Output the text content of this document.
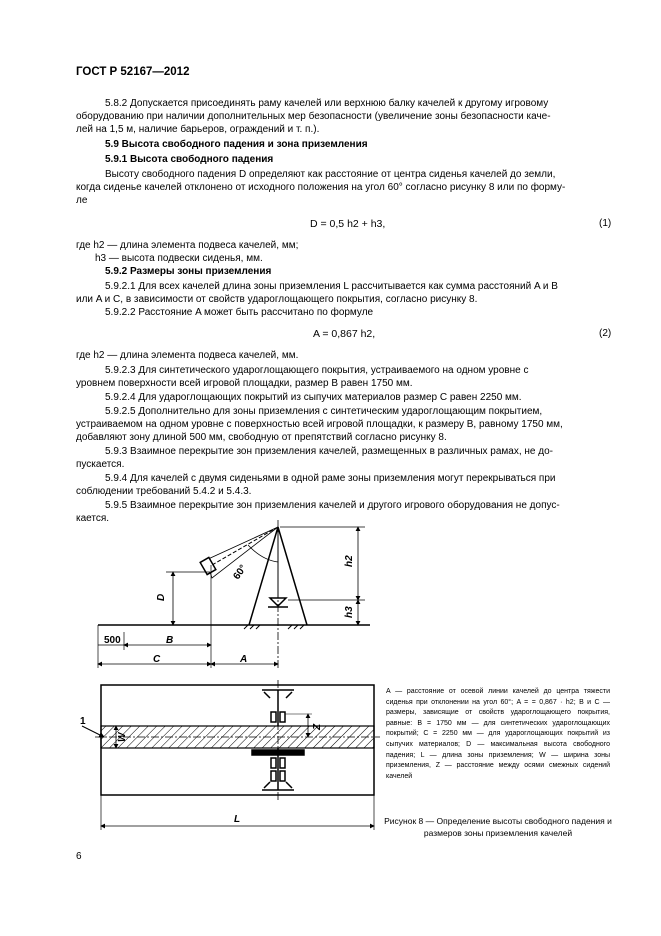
ГОСТ Р 52167—2012
5.8.2 Допускается присоединять раму качелей или верхнюю балку качелей к другому игровому
оборудованию при наличии дополнительных мер безопасности (увеличение зоны безопасности каче-
лей на 1,5 м, наличие барьеров, ограждений и т. п.).
5.9 Высота свободного падения и зона приземления
5.9.1 Высота свободного падения
Высоту свободного падения D определяют как расстояние от центра сиденья качелей до земли,
когда сиденье качелей отклонено от исходного положения на угол 60° согласно рисунку 8 или по форму-
ле
D = 0,5 h2 + h3,	(1)
где h2 — длина элемента подвеса качелей, мм;
h3 — высота подвески сиденья, мм.
5.9.2 Размеры зоны приземления
5.9.2.1 Для всех качелей длина зоны приземления L рассчитывается как сумма расстояний A и B
или A и C, в зависимости от свойств удароглощающего покрытия, согласно рисунку 8.
5.9.2.2 Расстояние A может быть рассчитано по формуле
A = 0,867 h2,	(2)
где h2 — длина элемента подвеса качелей, мм.
5.9.2.3 Для синтетического удароглощающего покрытия, устраиваемого на одном уровне с
уровнем поверхности всей игровой площадки, размер B равен 1750 мм.
5.9.2.4 Для удароглощающих покрытий из сыпучих материалов размер C равен 2250 мм.
5.9.2.5 Дополнительно для зоны приземления с синтетическим удароглощающим покрытием,
устраиваемом на одном уровне с поверхностью всей игровой площадки, к размеру B, равному 1750 мм,
добавляют зону длиной 500 мм, свободную от препятствий согласно рисунку 8.
5.9.3 Взаимное перекрытие зон приземления качелей, размещенных в различных рамах, не до-
пускается.
5.9.4 Для качелей с двумя сиденьями в одной раме зоны приземления могут перекрываться при
соблюдении требований 5.4.2 и 5.4.3.
5.9.5 Взаимное перекрытие зон приземления качелей и другого игрового оборудования не допус-
кается.
D
B
C	A
500
h2
h3
60°
1
W
Z
L

A — расстояние от осевой линии качелей до центра тяжести сиденья при отклонении на угол 60°; A = = 0,867 · h2; B и C — размеры, зависящие от свойств удароглощающего покрытия, равные: B = 1750 мм — для синтетических удароглощающих покрытий; C = 2250 мм — для удароглощающих покрытий из сыпучих материалов; D — максимальная высота свободного падения; L — длина зоны приземления; W — ширина зоны приземления, Z — расстояние между осями смежных сидений качелей

Рисунок 8 — Определение высоты свободного падения и размеров зоны приземления качелей
6
